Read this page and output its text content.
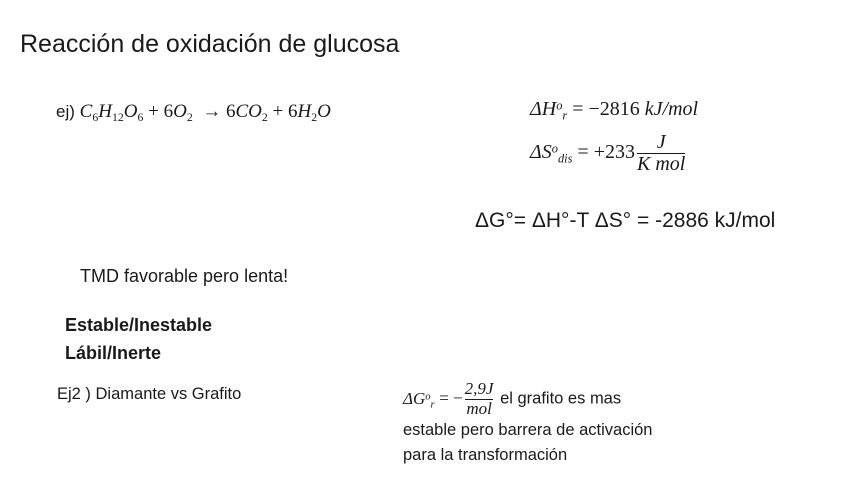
Reacción de oxidación de glucosa
ej) $C_6H_{12}O_6 + 6O_2 \to 6CO_2 + 6H_2O$	$\Delta H^o_r = -2816$ kJ/mol
$\Delta S^o_{dis} = +233 \frac{J}{\text{K mol}}$
ΔG°= ΔH°-T ΔS° = -2886 kJ/mol
TMD favorable pero lenta!
Estable/Inestable
Lábil/Inerte
Ej2 ) Diamante vs Grafito	$\Delta G^o_r$ = − $\frac{2,9J}{\text{mol}}$ el grafito es mas
estable pero barrera de activación
para la transformación
